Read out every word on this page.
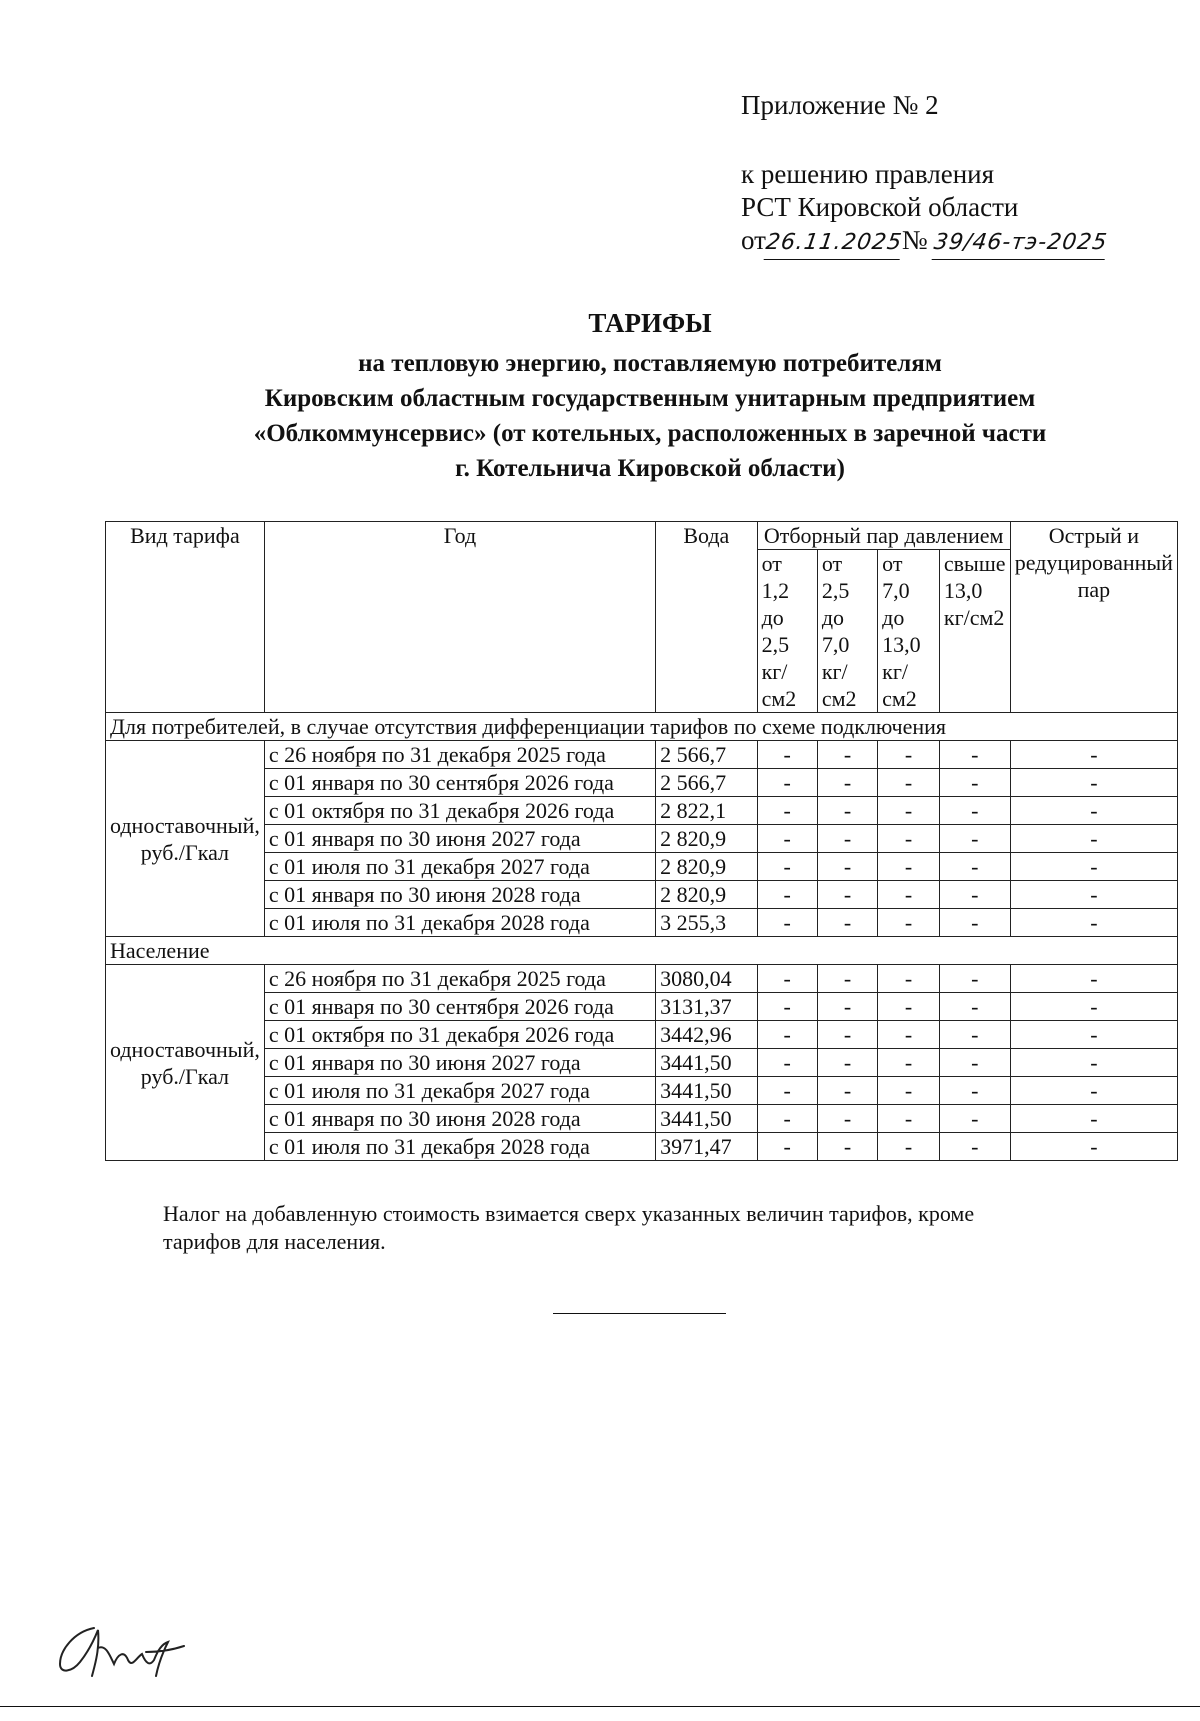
Приложение № 2
к решению правления
РСТ Кировской области
от26.11.2025№ 39/46-тэ-2025
ТАРИФЫ
на тепловую энергию, поставляемую потребителям
Кировским областным государственным унитарным предприятием
«Облкоммунсервис» (от котельных, расположенных в заречной части
г. Котельнича Кировской области)
Вид тарифа	Год	Вода	Отборный пар давлением				Острый и редуцированный пар
			от 1,2 до 2,5 кг/см2	от 2,5 до 7,0 кг/см2	от 7,0 до 13,0 кг/см2	свыше 13,0 кг/см2	
Для потребителей, в случае отсутствия дифференциации тарифов по схеме подключения							
одноставочный, руб./Гкал	с 26 ноября по 31 декабря 2025 года	2 566,7	-	-	-	-	-
	с 01 января по 30 сентября 2026 года	2 566,7	-	-	-	-	-
	с 01 октября по 31 декабря 2026 года	2 822,1	-	-	-	-	-
	с 01 января по 30 июня 2027 года	2 820,9	-	-	-	-	-
	с 01 июля по 31 декабря 2027 года	2 820,9	-	-	-	-	-
	с 01 января по 30 июня 2028 года	2 820,9	-	-	-	-	-
	с 01 июля по 31 декабря 2028 года	3 255,3	-	-	-	-	-
Население							
одноставочный, руб./Гкал	с 26 ноября по 31 декабря 2025 года	3080,04	-	-	-	-	-
	с 01 января по 30 сентября 2026 года	3131,37	-	-	-	-	-
	с 01 октября по 31 декабря 2026 года	3442,96	-	-	-	-	-
	с 01 января по 30 июня 2027 года	3441,50	-	-	-	-	-
	с 01 июля по 31 декабря 2027 года	3441,50	-	-	-	-	-
	с 01 января по 30 июня 2028 года	3441,50	-	-	-	-	-
	с 01 июля по 31 декабря 2028 года	3971,47	-	-	-	-	-
Налог на добавленную стоимость взимается сверх указанных величин тарифов, кроме
тарифов для населения.
